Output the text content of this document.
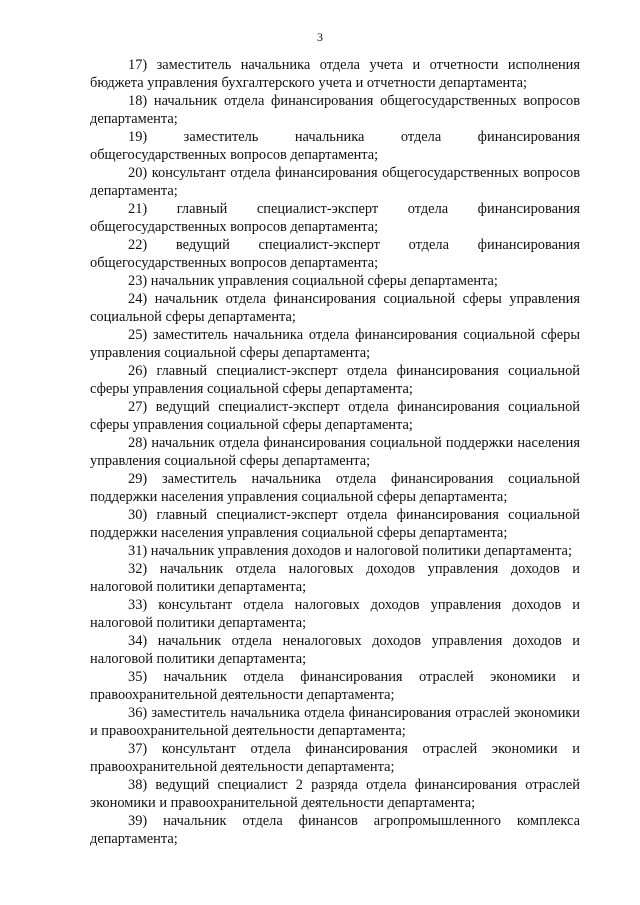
3

17) заместитель начальника отдела учета и отчетности исполнения бюджета управления бухгалтерского учета и отчетности департамента;

18) начальник отдела финансирования общегосударственных вопросов департамента;

19) заместитель начальника отдела финансирования общегосударственных вопросов департамента;

20) консультант отдела финансирования общегосударственных вопросов департамента;

21) главный специалист-эксперт отдела финансирования общегосударственных вопросов департамента;

22) ведущий специалист-эксперт отдела финансирования общегосударственных вопросов департамента;

23) начальник управления социальной сферы департамента;

24) начальник отдела финансирования социальной сферы управления социальной сферы департамента;

25) заместитель начальника отдела финансирования социальной сферы управления социальной сферы департамента;

26) главный специалист-эксперт отдела финансирования социальной сферы управления социальной сферы департамента;

27) ведущий специалист-эксперт отдела финансирования социальной сферы управления социальной сферы департамента;

28) начальник отдела финансирования социальной поддержки населения управления социальной сферы департамента;

29) заместитель начальника отдела финансирования социальной поддержки населения управления социальной сферы департамента;

30) главный специалист-эксперт отдела финансирования социальной поддержки населения управления социальной сферы департамента;

31) начальник управления доходов и налоговой политики департамента;

32) начальник отдела налоговых доходов управления доходов и налоговой политики департамента;

33) консультант отдела налоговых доходов управления доходов и налоговой политики департамента;

34) начальник отдела неналоговых доходов управления доходов и налоговой политики департамента;

35) начальник отдела финансирования отраслей экономики и правоохранительной деятельности департамента;

36) заместитель начальника отдела финансирования отраслей экономики и правоохранительной деятельности департамента;

37) консультант отдела финансирования отраслей экономики и правоохранительной деятельности департамента;

38) ведущий специалист 2 разряда отдела финансирования отраслей экономики и правоохранительной деятельности департамента;

39) начальник отдела финансов агропромышленного комплекса департамента;
